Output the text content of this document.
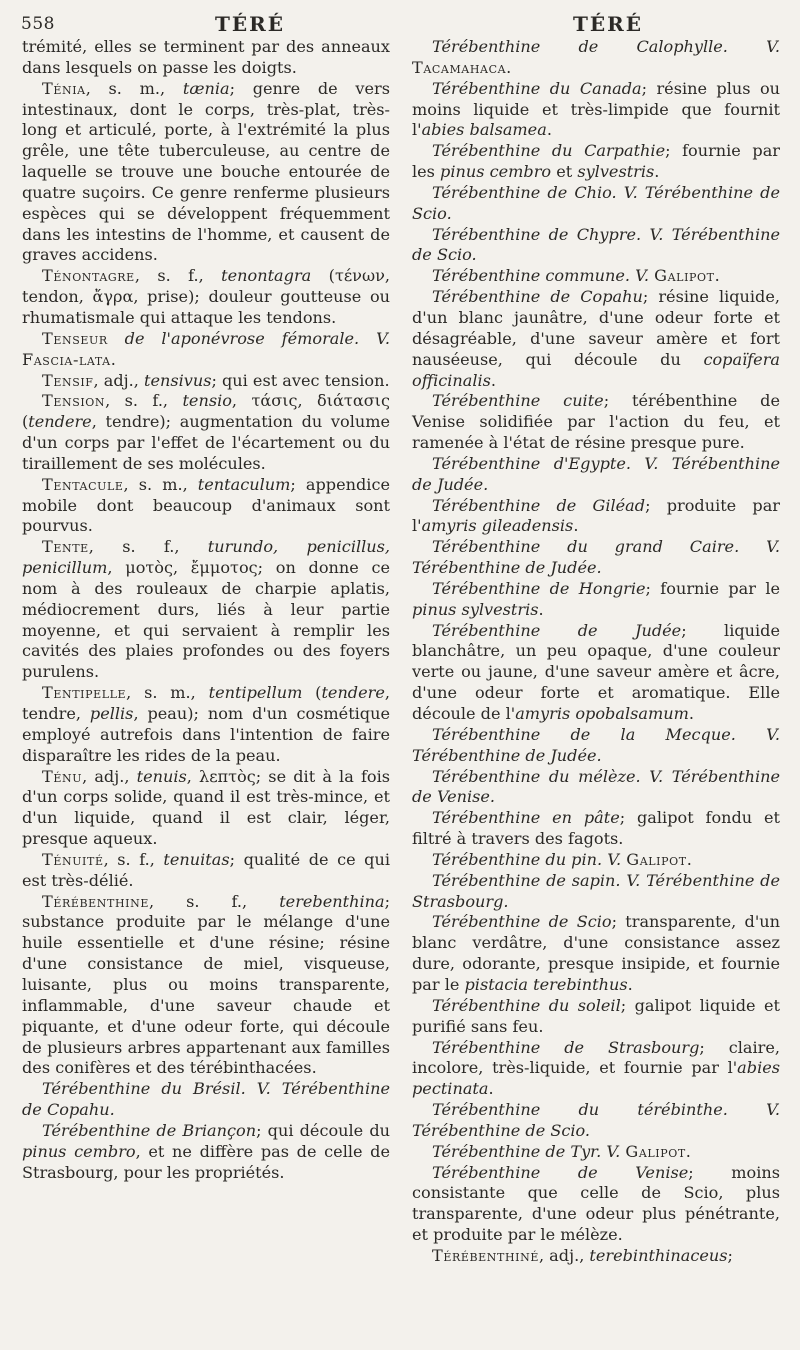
558	TÉRÉ	TÉRÉ

trémité, elles se terminent par des anneaux dans lesquels on passe les doigts.

Ténia, s. m., tænia; genre de vers intestinaux, dont le corps, très-plat, très-long et articulé, porte, à l'extrémité la plus grêle, une tête tuberculeuse, au centre de laquelle se trouve une bouche entourée de quatre suçoirs. Ce genre renferme plusieurs espèces qui se développent fréquemment dans les intestins de l'homme, et causent de graves accidens.

Ténontagre, s. f., tenontagra (τένων, tendon, ἄγρα, prise); douleur goutteuse ou rhumatismale qui attaque les tendons.

Tenseur de l'aponévrose fémorale. V. Fascia-lata.

Tensif, adj., tensivus; qui est avec tension.

Tension, s. f., tensio, τάσις, διάτασις (tendere, tendre); augmentation du volume d'un corps par l'effet de l'écartement ou du tiraillement de ses molécules.

Tentacule, s. m., tentaculum; appendice mobile dont beaucoup d'animaux sont pourvus.

Tente, s. f., turundo, penicillus, penicillum, μοτὸς, ἔμμοτος; on donne ce nom à des rouleaux de charpie aplatis, médiocrement durs, liés à leur partie moyenne, et qui servaient à remplir les cavités des plaies profondes ou des foyers purulens.

Tentipelle, s. m., tentipellum (tendere, tendre, pellis, peau); nom d'un cosmétique employé autrefois dans l'intention de faire disparaître les rides de la peau.

Ténu, adj., tenuis, λεπτὸς; se dit à la fois d'un corps solide, quand il est très-mince, et d'un liquide, quand il est clair, léger, presque aqueux.

Ténuité, s. f., tenuitas; qualité de ce qui est très-délié.

Térébenthine, s. f., terebenthina; substance produite par le mélange d'une huile essentielle et d'une résine; résine d'une consistance de miel, visqueuse, luisante, plus ou moins transparente, inflammable, d'une saveur chaude et piquante, et d'une odeur forte, qui découle de plusieurs arbres appartenant aux familles des conifères et des térébinthacées.

Térébenthine du Brésil. V. Térébenthine de Copahu.

Térébenthine de Briançon; qui découle du pinus cembro, et ne diffère pas de celle de Strasbourg, pour les propriétés.

Térébenthine de Calophylle. V. Tacamahaca.

Térébenthine du Canada; résine plus ou moins liquide et très-limpide que fournit l'abies balsamea.

Térébenthine du Carpathie; fournie par les pinus cembro et sylvestris.

Térébenthine de Chio. V. Térébenthine de Scio.

Térébenthine de Chypre. V. Térébenthine de Scio.

Térébenthine commune. V. Galipot.

Térébenthine de Copahu; résine liquide, d'un blanc jaunâtre, d'une odeur forte et désagréable, d'une saveur amère et fort nauséeuse, qui découle du copaïfera officinalis.

Térébenthine cuite; térébenthine de Venise solidifiée par l'action du feu, et ramenée à l'état de résine presque pure.

Térébenthine d'Egypte. V. Térébenthine de Judée.

Térébenthine de Giléad; produite par l'amyris gileadensis.

Térébenthine du grand Caire. V. Térébenthine de Judée.

Térébenthine de Hongrie; fournie par le pinus sylvestris.

Térébenthine de Judée; liquide blanchâtre, un peu opaque, d'une couleur verte ou jaune, d'une saveur amère et âcre, d'une odeur forte et aromatique. Elle découle de l'amyris opobalsamum.

Térébenthine de la Mecque. V. Térébenthine de Judée.

Térébenthine du mélèze. V. Térébenthine de Venise.

Térébenthine en pâte; galipot fondu et filtré à travers des fagots.

Térébenthine du pin. V. Galipot.

Térébenthine de sapin. V. Térébenthine de Strasbourg.

Térébenthine de Scio; transparente, d'un blanc verdâtre, d'une consistance assez dure, odorante, presque insipide, et fournie par le pistacia terebinthus.

Térébenthine du soleil; galipot liquide et purifié sans feu.

Térébenthine de Strasbourg; claire, incolore, très-liquide, et fournie par l'abies pectinata.

Térébenthine du térébinthe. V. Térébenthine de Scio.

Térébenthine de Tyr. V. Galipot.

Térébenthine de Venise; moins consistante que celle de Scio, plus transparente, d'une odeur plus pénétrante, et produite par le mélèze.

Térébenthiné, adj., terebinthinaceus;
